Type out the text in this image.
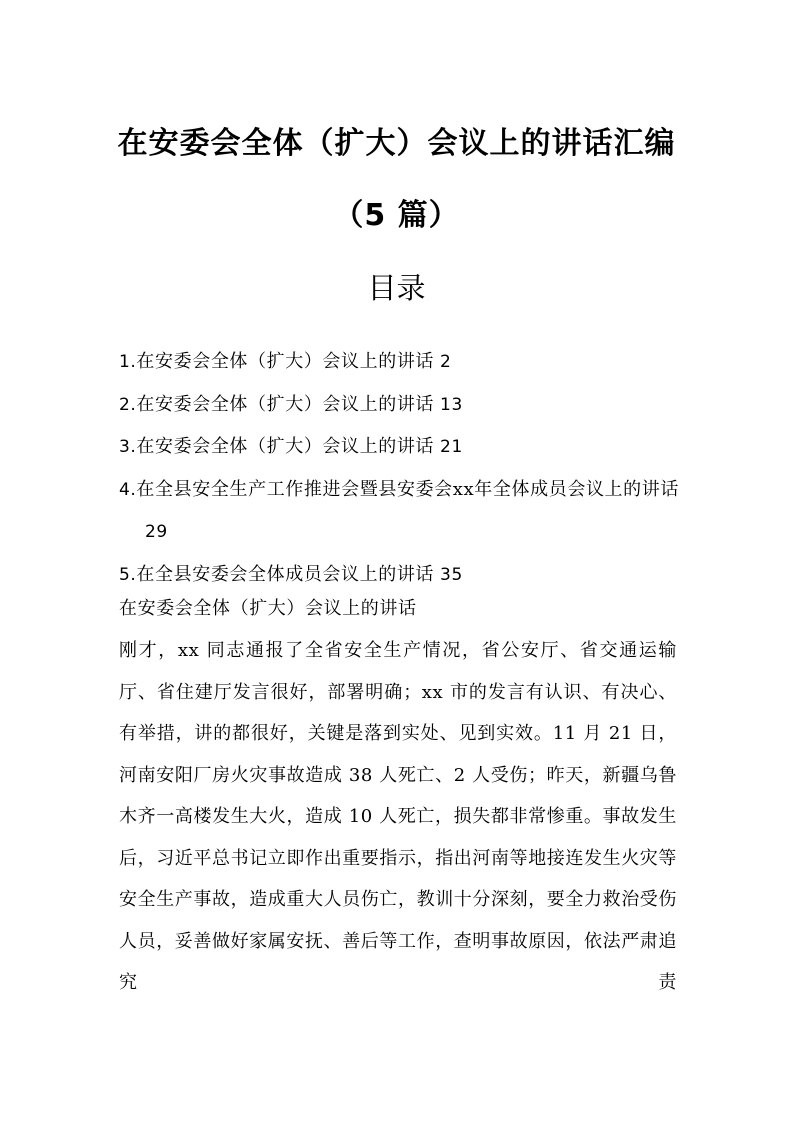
在安委会全体（扩大）会议上的讲话汇编
（5 篇）
目录
1.在安委会全体（扩大）会议上的讲话 2
2.在安委会全体（扩大）会议上的讲话 13
3.在安委会全体（扩大）会议上的讲话 21
4.在全县安全生产工作推进会暨县安委会xx年全体成员会议上的讲话29
5.在全县安委会全体成员会议上的讲话 35
在安委会全体（扩大）会议上的讲话

刚才，xx 同志通报了全省安全生产情况，省公安厅、省交通运输厅、省住建厅发言很好，部署明确；xx 市的发言有认识、有决心、有举措，讲的都很好，关键是落到实处、见到实效。11 月 21 日，河南安阳厂房火灾事故造成 38 人死亡、2 人受伤；昨天，新疆乌鲁木齐一高楼发生大火，造成 10 人死亡，损失都非常惨重。事故发生后，习近平总书记立即作出重要指示，指出河南等地接连发生火灾等安全生产事故，造成重大人员伤亡，教训十分深刻，要全力救治受伤人员，妥善做好家属安抚、善后等工作，查明事故原因，依法严肃追究责
